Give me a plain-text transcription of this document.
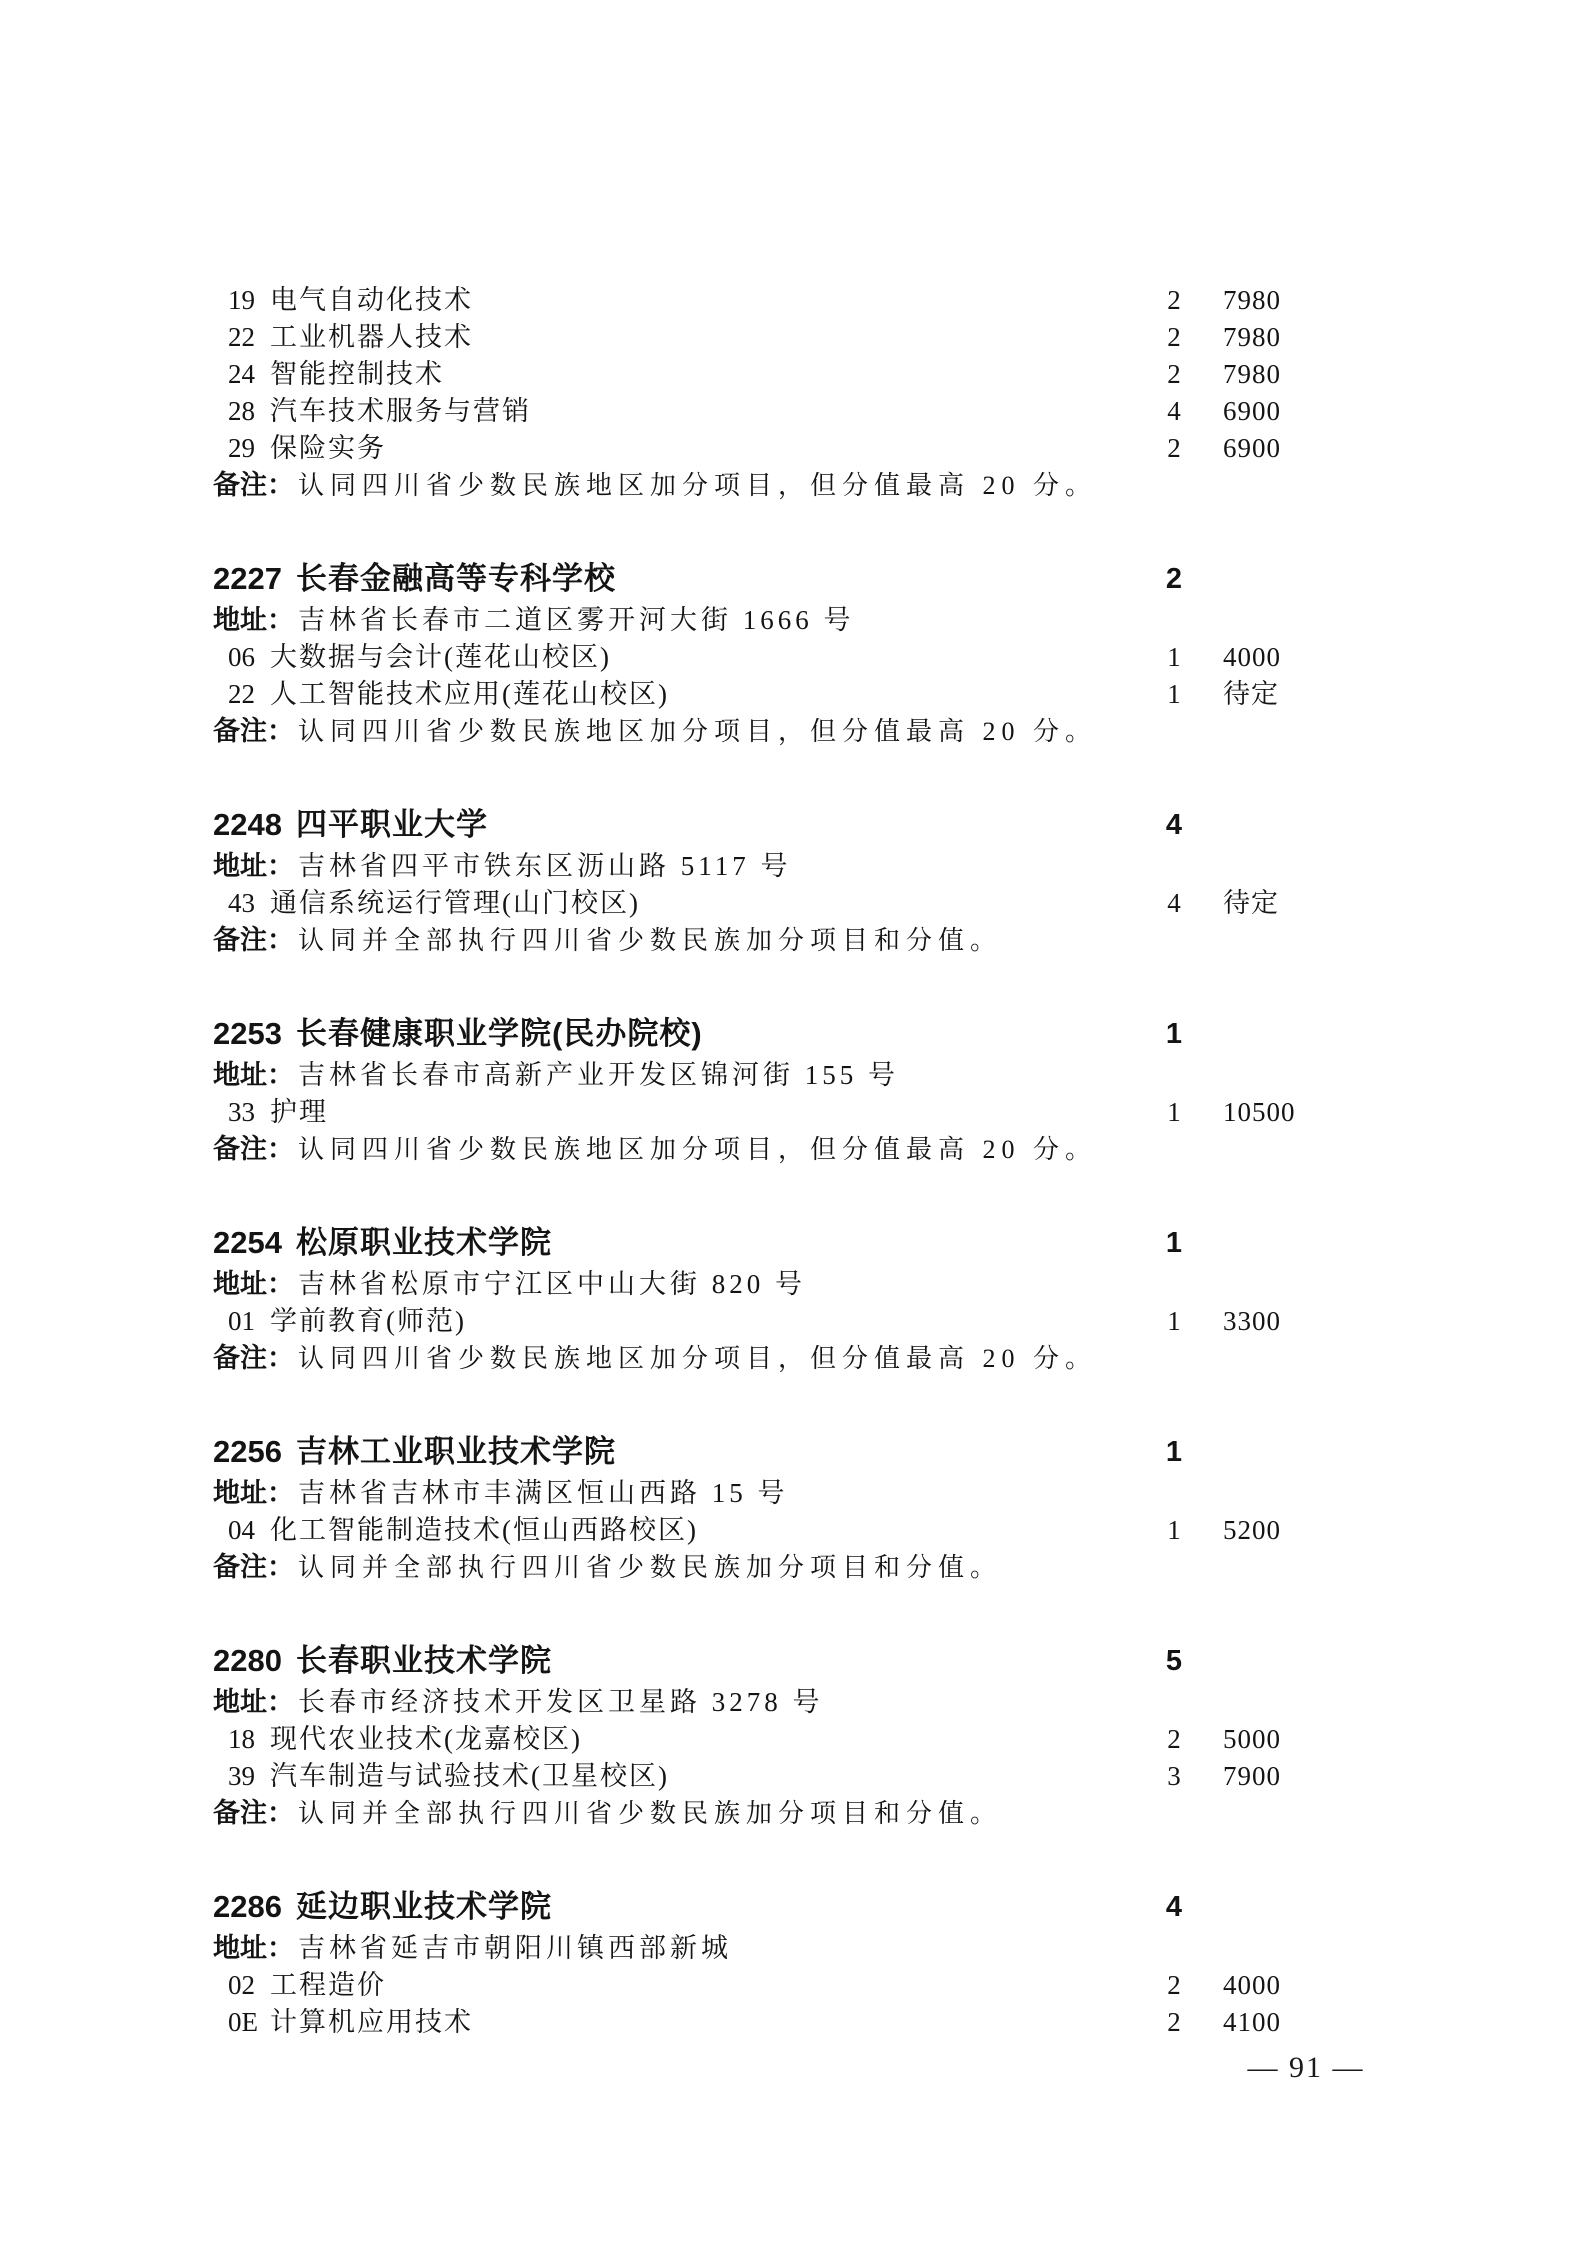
19 电气自动化技术	2	7980
22 工业机器人技术	2	7980
24 智能控制技术	2	7980
28 汽车技术服务与营销	4	6900
29 保险实务	2	6900
备注： 认同四川省少数民族地区加分项目，但分值最高 20 分。
2227 长春金融高等专科学校	2
地址： 吉林省长春市二道区雾开河大街 1666 号
06 大数据与会计(莲花山校区)	1	4000
22 人工智能技术应用(莲花山校区)	1	待定
备注： 认同四川省少数民族地区加分项目，但分值最高 20 分。
2248 四平职业大学	4
地址： 吉林省四平市铁东区沥山路 5117 号
43 通信系统运行管理(山门校区)	4	待定
备注： 认同并全部执行四川省少数民族加分项目和分值。
2253 长春健康职业学院(民办院校)	1
地址： 吉林省长春市高新产业开发区锦河街 155 号
33 护理	1	10500
备注： 认同四川省少数民族地区加分项目，但分值最高 20 分。
2254 松原职业技术学院	1
地址： 吉林省松原市宁江区中山大街 820 号
01 学前教育(师范)	1	3300
备注： 认同四川省少数民族地区加分项目，但分值最高 20 分。
2256 吉林工业职业技术学院	1
地址： 吉林省吉林市丰满区恒山西路 15 号
04 化工智能制造技术(恒山西路校区)	1	5200
备注： 认同并全部执行四川省少数民族加分项目和分值。
2280 长春职业技术学院	5
地址： 长春市经济技术开发区卫星路 3278 号
18 现代农业技术(龙嘉校区)	2	5000
39 汽车制造与试验技术(卫星校区)	3	7900
备注： 认同并全部执行四川省少数民族加分项目和分值。
2286 延边职业技术学院	4
地址： 吉林省延吉市朝阳川镇西部新城
02 工程造价	2	4000
0E 计算机应用技术	2	4100
— 91 —
